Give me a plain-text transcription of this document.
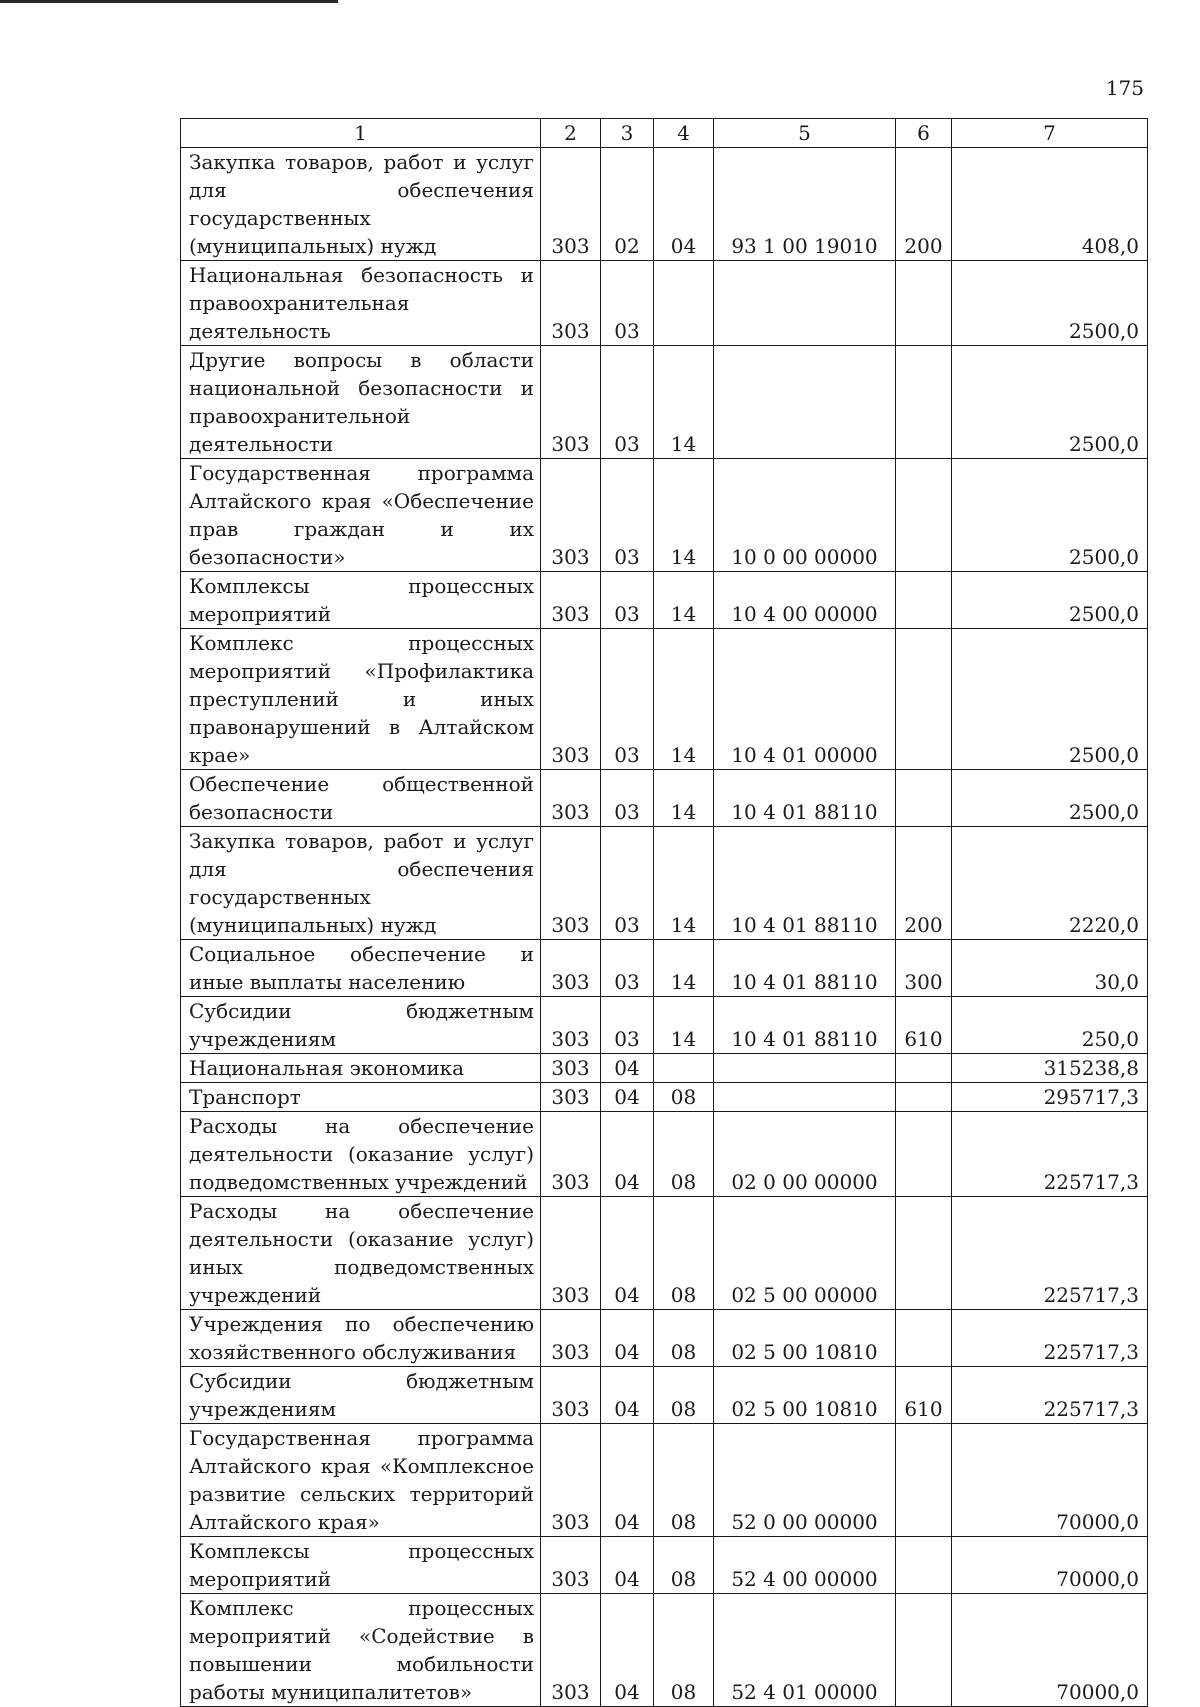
175
1	2	3	4	5	6	7
Закупка товаров, работ и услуг для обеспечения государственных (муниципальных) нужд	303	02	04	93 1 00 19010	200	408,0
Национальная безопасность и правоохранительная деятельность	303	03				2500,0
Другие вопросы в области национальной безопасности и правоохранительной деятельности	303	03	14			2500,0
Государственная программа Алтайского края «Обеспечение прав граждан и их безопасности»	303	03	14	10 0 00 00000		2500,0
Комплексы процессных мероприятий	303	03	14	10 4 00 00000		2500,0
Комплекс процессных мероприятий «Профилактика преступлений и иных правонарушений в Алтайском крае»	303	03	14	10 4 01 00000		2500,0
Обеспечение общественной безопасности	303	03	14	10 4 01 88110		2500,0
Закупка товаров, работ и услуг для обеспечения государственных (муниципальных) нужд	303	03	14	10 4 01 88110	200	2220,0
Социальное обеспечение и иные выплаты населению	303	03	14	10 4 01 88110	300	30,0
Субсидии бюджетным учреждениям	303	03	14	10 4 01 88110	610	250,0
Национальная экономика	303	04				315238,8
Транспорт	303	04	08			295717,3
Расходы на обеспечение деятельности (оказание услуг) подведомственных учреждений	303	04	08	02 0 00 00000		225717,3
Расходы на обеспечение деятельности (оказание услуг) иных подведомственных учреждений	303	04	08	02 5 00 00000		225717,3
Учреждения по обеспечению хозяйственного обслуживания	303	04	08	02 5 00 10810		225717,3
Субсидии бюджетным учреждениям	303	04	08	02 5 00 10810	610	225717,3
Государственная программа Алтайского края «Комплексное развитие сельских территорий Алтайского края»	303	04	08	52 0 00 00000		70000,0
Комплексы процессных мероприятий	303	04	08	52 4 00 00000		70000,0
Комплекс процессных мероприятий «Содействие в повышении мобильности работы муниципалитетов»	303	04	08	52 4 01 00000		70000,0
